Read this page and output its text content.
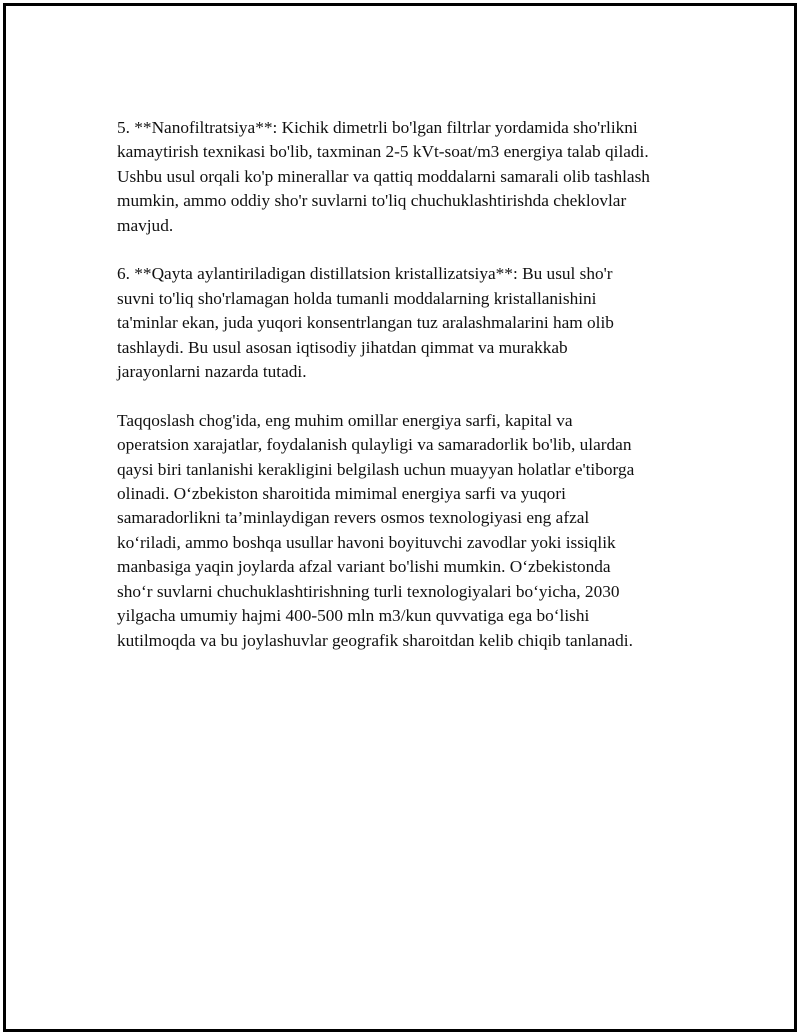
5. **Nanofiltratsiya**: Kichik dimetrli bo'lgan filtrlar yordamida sho'rlikni
kamaytirish texnikasi bo'lib, taxminan 2-5 kVt-soat/m3 energiya talab qiladi.
Ushbu usul orqali ko'p minerallar va qattiq moddalarni samarali olib tashlash
mumkin, ammo oddiy sho'r suvlarni to'liq chuchuklashtirishda cheklovlar
mavjud.

6. **Qayta aylantiriladigan distillatsion kristallizatsiya**: Bu usul sho'r
suvni to'liq sho'rlamagan holda tumanli moddalarning kristallanishini
ta'minlar ekan, juda yuqori konsentrlangan tuz aralashmalarini ham olib
tashlaydi. Bu usul asosan iqtisodiy jihatdan qimmat va murakkab
jarayonlarni nazarda tutadi.

Taqqoslash chog'ida, eng muhim omillar energiya sarfi, kapital va
operatsion xarajatlar, foydalanish qulayligi va samaradorlik bo'lib, ulardan
qaysi biri tanlanishi kerakligini belgilash uchun muayyan holatlar e'tiborga
olinadi. O‘zbekiston sharoitida mimimal energiya sarfi va yuqori
samaradorlikni ta’minlaydigan revers osmos texnologiyasi eng afzal
ko‘riladi, ammo boshqa usullar havoni boyituvchi zavodlar yoki issiqlik
manbasiga yaqin joylarda afzal variant bo'lishi mumkin. O‘zbekistonda
sho‘r suvlarni chuchuklashtirishning turli texnologiyalari bo‘yicha, 2030
yilgacha umumiy hajmi 400-500 mln m3/kun quvvatiga ega bo‘lishi
kutilmoqda va bu joylashuvlar geografik sharoitdan kelib chiqib tanlanadi.
